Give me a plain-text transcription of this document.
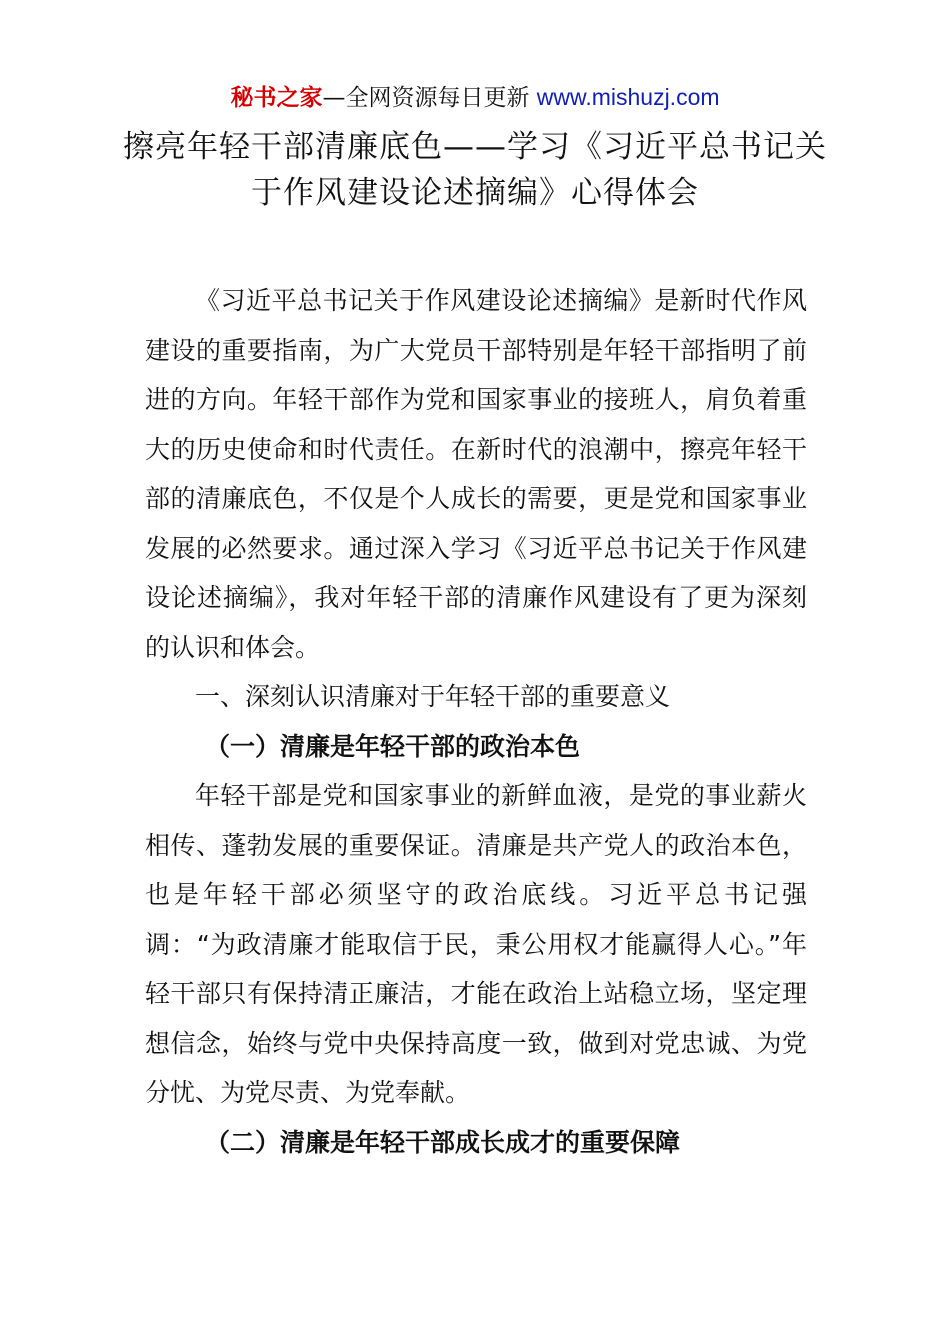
秘书之家—全网资源每日更新 www.mishuzj.com
擦亮年轻干部清廉底色——学习《习近平总书记关于作风建设论述摘编》心得体会

《习近平总书记关于作风建设论述摘编》是新时代作风建设的重要指南，为广大党员干部特别是年轻干部指明了前进的方向。年轻干部作为党和国家事业的接班人，肩负着重大的历史使命和时代责任。在新时代的浪潮中，擦亮年轻干部的清廉底色，不仅是个人成长的需要，更是党和国家事业发展的必然要求。通过深入学习《习近平总书记关于作风建设论述摘编》，我对年轻干部的清廉作风建设有了更为深刻的认识和体会。

一、深刻认识清廉对于年轻干部的重要意义

（一）清廉是年轻干部的政治本色

年轻干部是党和国家事业的新鲜血液，是党的事业薪火相传、蓬勃发展的重要保证。清廉是共产党人的政治本色，也是年轻干部必须坚守的政治底线。习近平总书记强调：“为政清廉才能取信于民，秉公用权才能赢得人心。”年轻干部只有保持清正廉洁，才能在政治上站稳立场，坚定理想信念，始终与党中央保持高度一致，做到对党忠诚、为党分忧、为党尽责、为党奉献。

（二）清廉是年轻干部成长成才的重要保障
